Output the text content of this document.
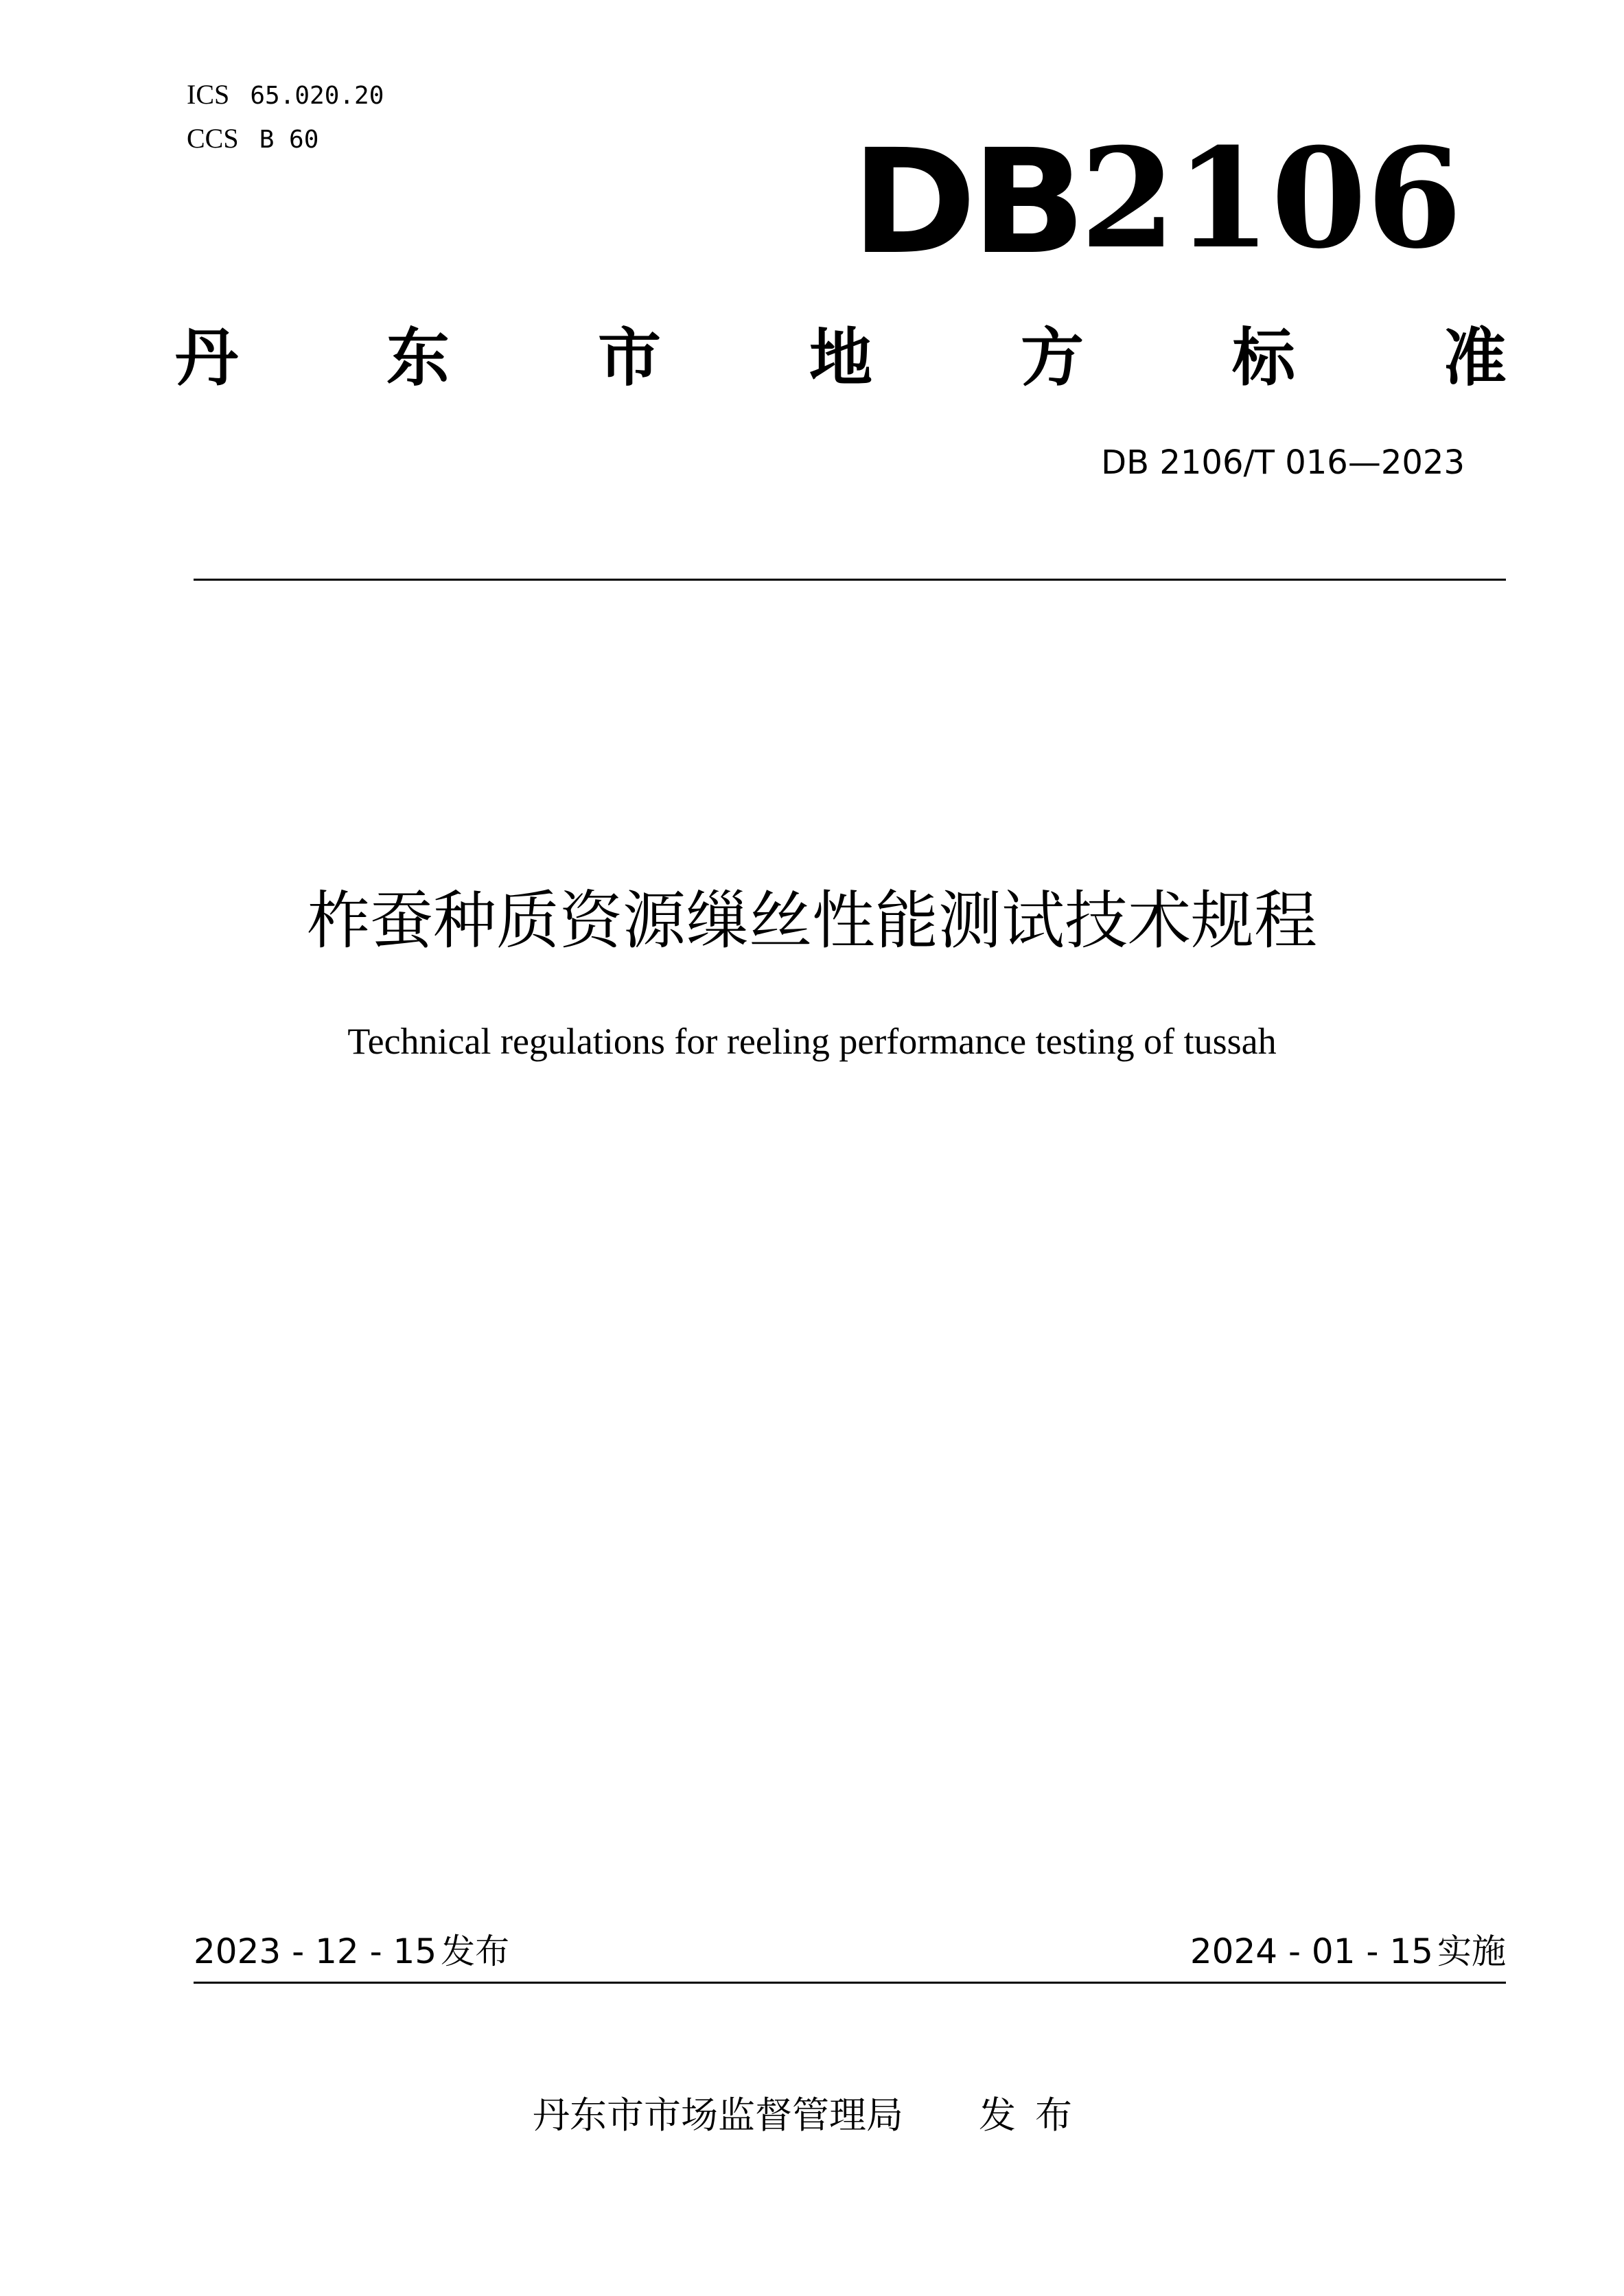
ICS 65.020.20
CCS B 60	DB 2106
丹 东 市 地 方 标 准
DB 2106/T 016—2023
柞蚕种质资源缫丝性能测试技术规程
Technical regulations for reeling performance testing of tussah
2023 - 12 - 15 发布	2024 - 01 - 15 实施
丹东市市场监督管理局 发布
